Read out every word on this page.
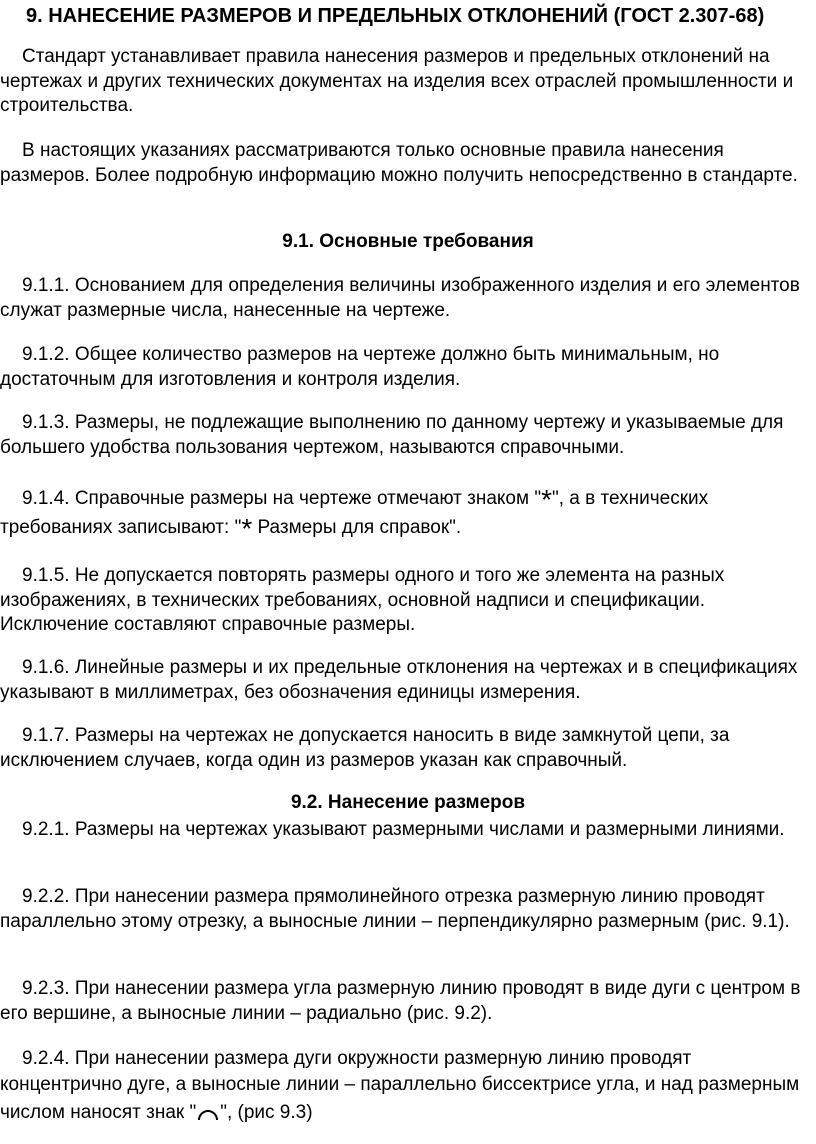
9. НАНЕСЕНИЕ РАЗМЕРОВ И ПРЕДЕЛЬНЫХ ОТКЛОНЕНИЙ (ГОСТ 2.307-68)

Стандарт устанавливает правила нанесения размеров и предельных отклонений на чертежах и других технических документах на изделия всех отраслей промышленности и строительства.

В настоящих указаниях рассматриваются только основные правила нанесения размеров. Более подробную информацию можно получить непосредственно в стандарте.

9.1. Основные требования

9.1.1. Основанием для определения величины изображенного изделия и его элементов служат размерные числа, нанесенные на чертеже.

9.1.2. Общее количество размеров на чертеже должно быть минимальным, но достаточным для изготовления и контроля изделия.

9.1.3. Размеры, не подлежащие выполнению по данному чертежу и указываемые для большего удобства пользования чертежом, называются справочными.

9.1.4. Справочные размеры на чертеже отмечают знаком "*", а в технических требованиях записывают: "* Размеры для справок".

9.1.5. Не допускается повторять размеры одного и того же элемента на разных изображениях, в технических требованиях, основной надписи и спецификации. Исключение составляют справочные размеры.

9.1.6. Линейные размеры и их предельные отклонения на чертежах и в спецификациях указывают в миллиметрах, без обозначения единицы измерения.

9.1.7. Размеры на чертежах не допускается наносить в виде замкнутой цепи, за исключением случаев, когда один из размеров указан как справочный.

9.2. Нанесение размеров

9.2.1. Размеры на чертежах указывают размерными числами и размерными линиями.

9.2.2. При нанесении размера прямолинейного отрезка размерную линию проводят параллельно этому отрезку, а выносные линии – перпендикулярно размерным (рис. 9.1).

9.2.3. При нанесении размера угла размерную линию проводят в виде дуги с центром в его вершине, а выносные линии – радиально (рис. 9.2).

9.2.4. При нанесении размера дуги окружности размерную линию проводят концентрично дуге, а выносные линии – параллельно биссектрисе угла, и над размерным числом наносят знак " ", (рис 9.3)
